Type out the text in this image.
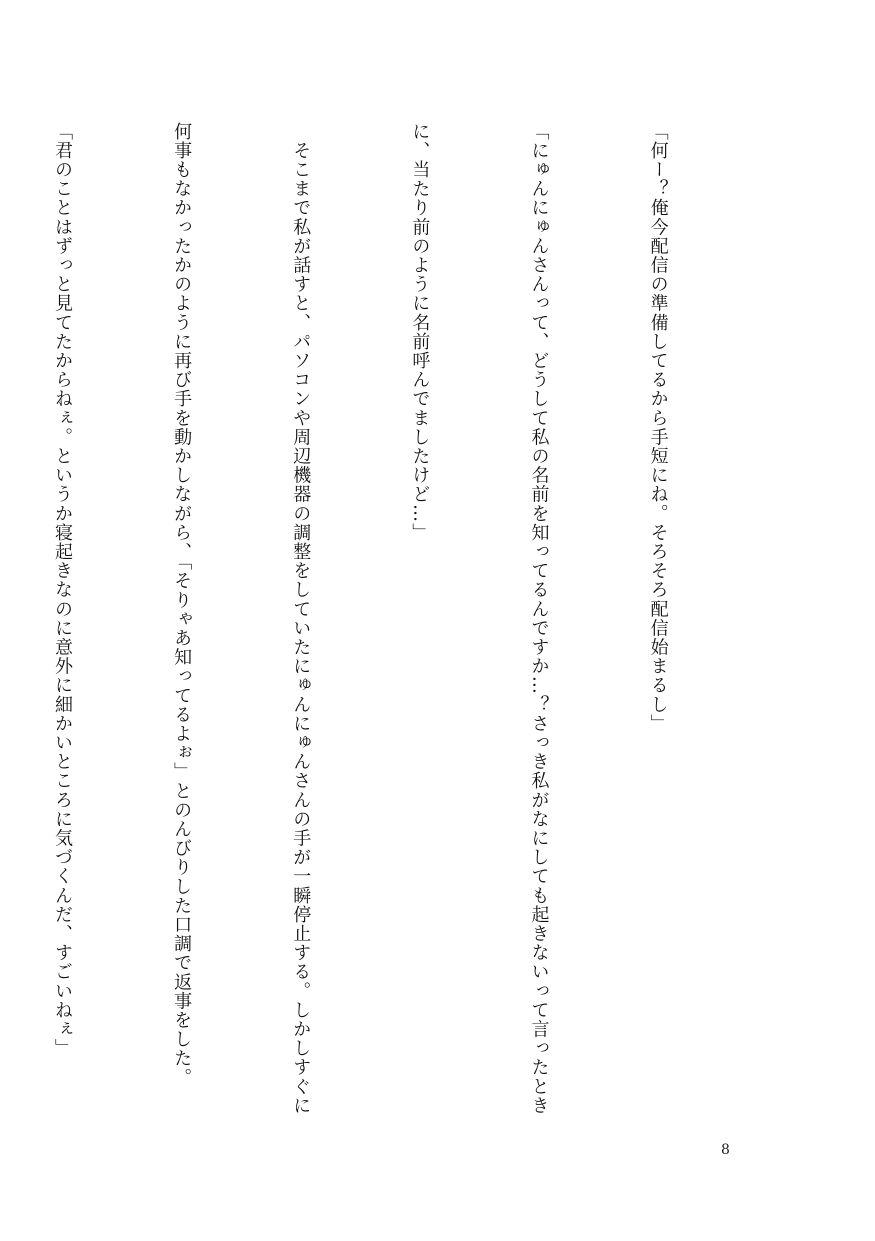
「何ー？俺今配信の準備してるから手短にね。そろそろ配信始まるし」

「にゅんにゅんさんって、どうして私の名前を知ってるんですか…？さっき私がなにしても起きないって言ったとき

に、当たり前のように名前呼んでましたけど…」

　そこまで私が話すと、パソコンや周辺機器の調整をしていたにゅんにゅんさんの手が一瞬停止する。しかしすぐに

何事もなかったかのように再び手を動かしながら、「そりゃあ知ってるよぉ」とのんびりした口調で返事をした。

「君のことはずっと見てたからねぇ。というか寝起きなのに意外に細かいところに気づくんだ、すごいねぇ」

8
